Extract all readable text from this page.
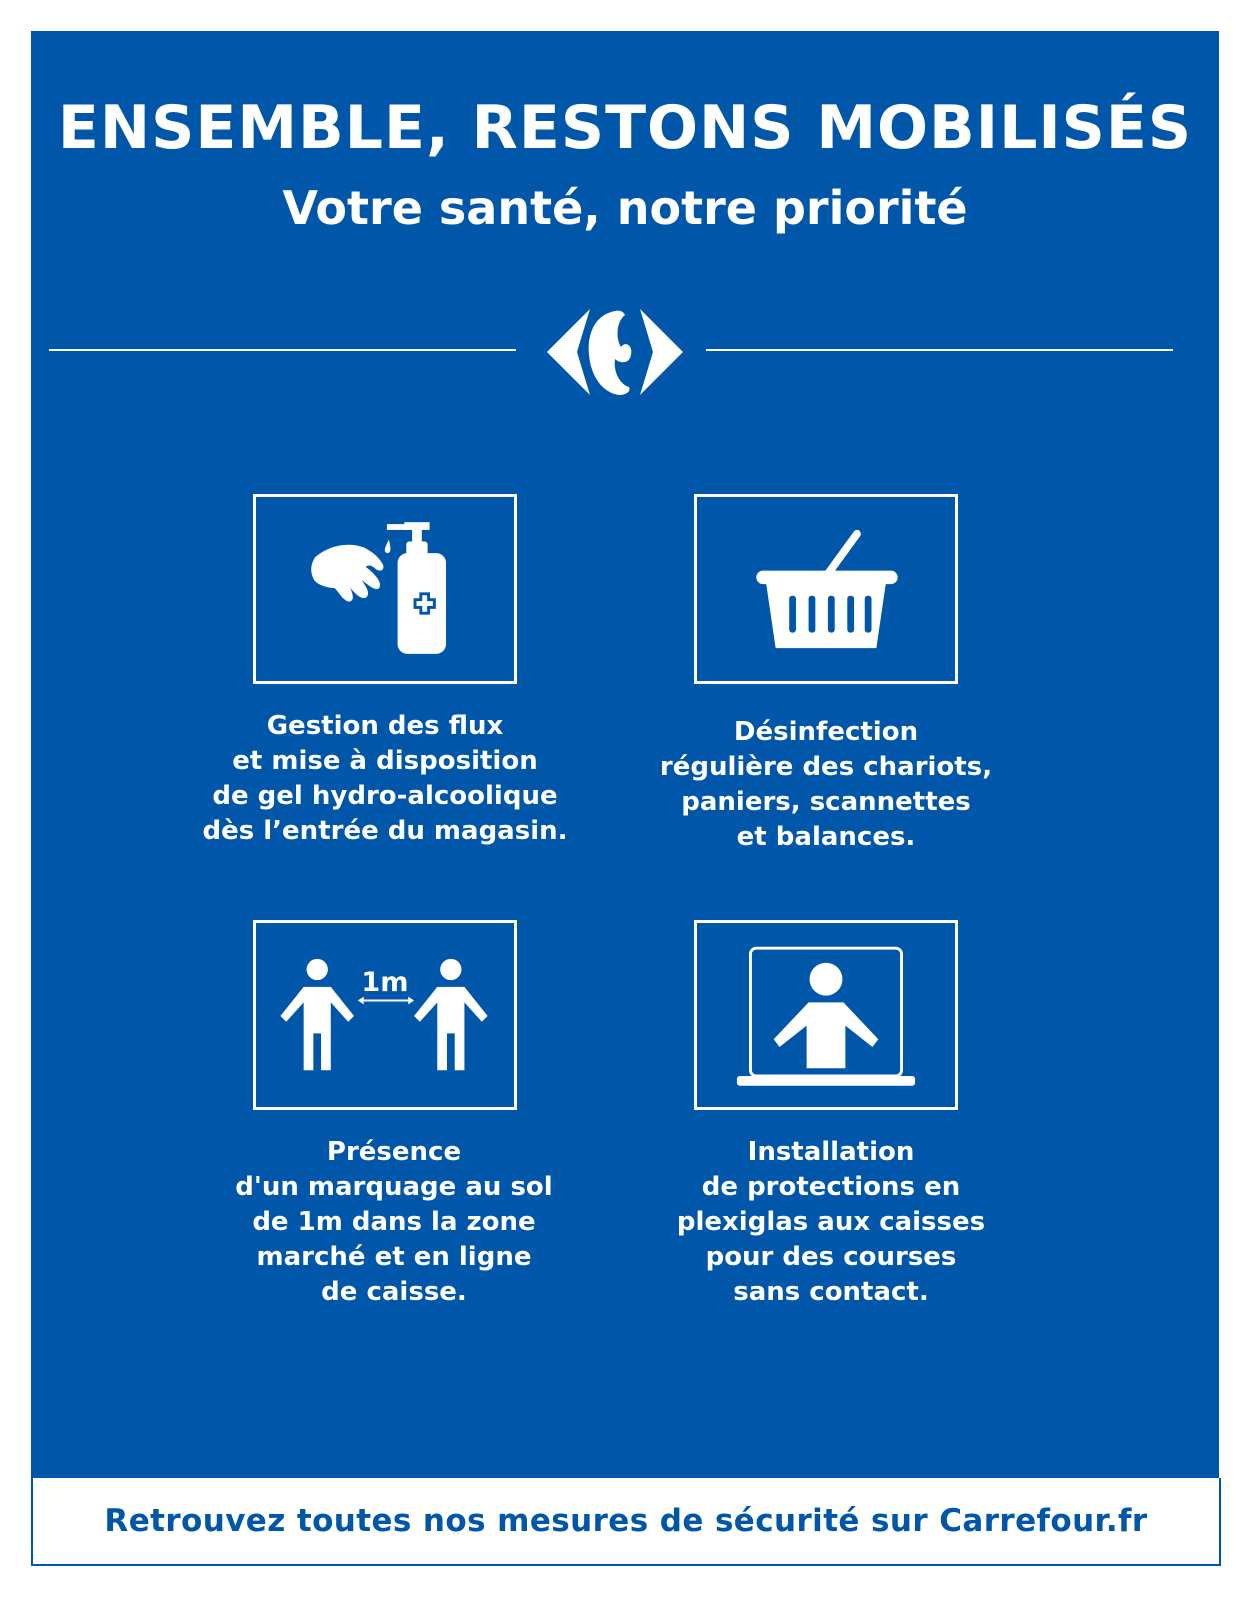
ENSEMBLE, RESTONS MOBILISÉS
Votre santé, notre priorité
Gestion des flux
et mise à disposition
de gel hydro-alcoolique
dès l’entrée du magasin.
Désinfection
régulière des chariots,
paniers, scannettes
et balances.
1m
Présence
d'un marquage au sol
de 1m dans la zone
marché et en ligne
de caisse.
Installation
de protections en
plexiglas aux caisses
pour des courses
sans contact.
Retrouvez toutes nos mesures de sécurité sur Carrefour.fr
